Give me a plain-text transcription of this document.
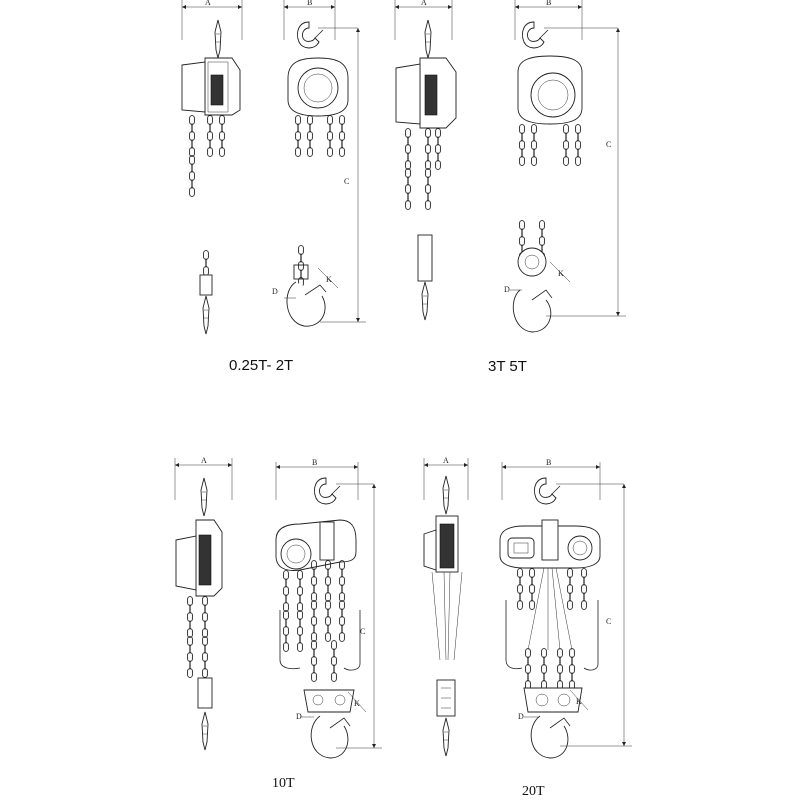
A	B
D
K
C
A	B
D
K
C
A	B
D
K
C
A	B
D
K
C
0.25T- 2T	3T 5T
10T
20T
